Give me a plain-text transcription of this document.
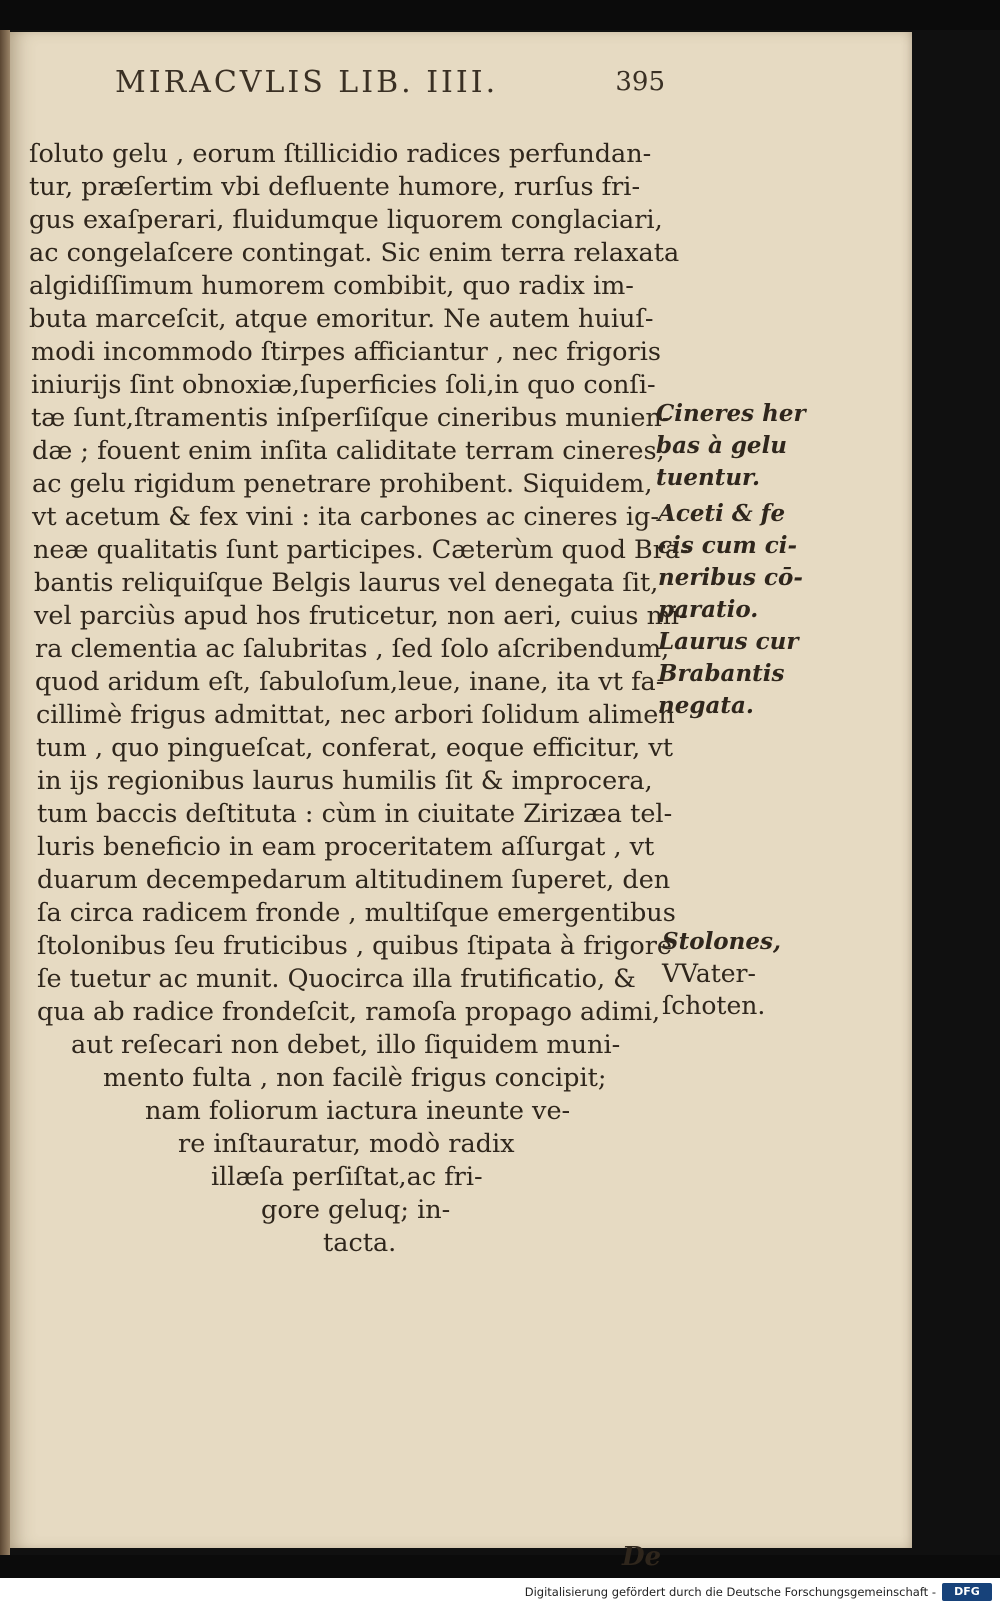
MIRACVLIS LIB. IIII.	395
ſoluto gelu , eorum ſtillicidio radices perfundan-
tur, præſertim vbi defluente humore, rurſus fri-
gus exaſperari, fluidumque liquorem conglaciari,
ac congelaſcere contingat. Sic enim terra relaxata
algidiſſimum humorem combibit, quo radix im-
buta marceſcit, atque emoritur. Ne autem huiuſ-
modi incommodo ſtirpes afficiantur , nec frigoris
iniurijs ſint obnoxiæ,ſuperficies ſoli,in quo conſi-
tæ ſunt,ſtramentis inſperſiſque cineribus munien-
dæ ; fouent enim inſita caliditate terram cineres,
ac gelu rigidum penetrare prohibent. Siquidem,
vt acetum & fex vini : ita carbones ac cineres ig-
neæ qualitatis ſunt participes. Cæterùm quod Bra-
bantis reliquiſque Belgis laurus vel denegata ſit,
vel parciùs apud hos fruticetur, non aeri, cuius mi-
ra clementia ac ſalubritas , ſed ſolo aſcribendum,
quod aridum eſt, ſabuloſum,leue, inane, ita vt fa-
cillimè frigus admittat, nec arbori ſolidum alimen
tum , quo pingueſcat, conferat, eoque efficitur, vt
in ijs regionibus laurus humilis ſit & improcera,
tum baccis deſtituta : cùm in ciuitate Zirizæa tel-
luris beneficio in eam proceritatem aſſurgat , vt
duarum decempedarum altitudinem ſuperet, den
ſa circa radicem fronde , multiſque emergentibus
ſtolonibus ſeu fruticibus , quibus ſtipata à frigore
ſe tuetur ac munit. Quocirca illa frutificatio, &
qua ab radice frondeſcit, ramoſa propago adimi,
aut reſecari non debet, illo ſiquidem muni-
mento fulta , non facilè frigus concipit;
nam foliorum iactura ineunte ve-
re inſtauratur, modò radix
illæſa perſiſtat,ac fri-
gore geluq; in-
tacta.
Cineres her
bas à gelu
tuentur.
Aceti & fe
cis cum ci-
neribus cō-
paratio.
Laurus cur
Brabantis
negata.
Stolones,
VVater-
ſchoten.
De
Digitalisierung gefördert durch die Deutsche Forschungsgemeinschaft -	DFG
